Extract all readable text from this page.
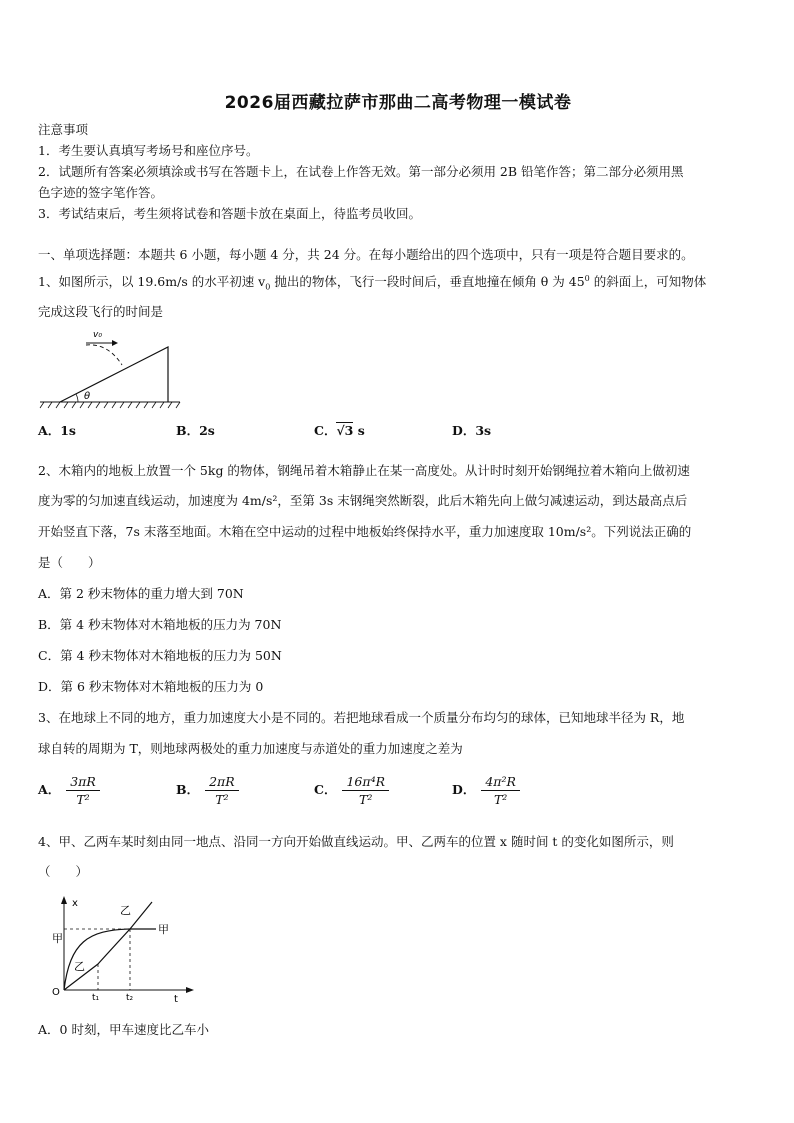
2026届西藏拉萨市那曲二高考物理一模试卷
注意事项
1．考生要认真填写考场号和座位序号。
2．试题所有答案必须填涂或书写在答题卡上，在试卷上作答无效。第一部分必须用 2B 铅笔作答；第二部分必须用黑
色字迹的签字笔作答。
3．考试结束后，考生须将试卷和答题卡放在桌面上，待监考员收回。
一、单项选择题：本题共 6 小题，每小题 4 分，共 24 分。在每小题给出的四个选项中，只有一项是符合题目要求的。
1、如图所示，以 19.6m/s 的水平初速 $v_0$ 抛出的物体，飞行一段时间后，垂直地撞在倾角 θ 为 $45^0$ 的斜面上，可知物体
完成这段飞行的时间是
θ
v₀
A．1s	B．2s	C．√3 s	D．3s
2、木箱内的地板上放置一个 5kg 的物体，钢绳吊着木箱静止在某一高度处。从计时时刻开始钢绳拉着木箱向上做初速
度为零的匀加速直线运动，加速度为 4m/s²，至第 3s 末钢绳突然断裂，此后木箱先向上做匀减速运动，到达最高点后
开始竖直下落，7s 末落至地面。木箱在空中运动的过程中地板始终保持水平，重力加速度取 10m/s²。下列说法正确的
是（　　）
A．第 2 秒末物体的重力增大到 70N
B．第 4 秒末物体对木箱地板的压力为 70N
C．第 4 秒末物体对木箱地板的压力为 50N
D．第 6 秒末物体对木箱地板的压力为 0
3、在地球上不同的地方，重力加速度大小是不同的。若把地球看成一个质量分布均匀的球体，已知地球半径为 R，地
球自转的周期为 T，则地球两极处的重力加速度与赤道处的重力加速度之差为
A． $\frac{3\pi R}{\text{T²}}$	B． $\frac{2\pi R}{\text{T²}}$	C． $\frac{\text{16π⁴R}}{\text{T²}}$	D． $\frac{\text{4π²R}}{\text{T²}}$
4、甲、乙两车某时刻由同一地点、沿同一方向开始做直线运动。甲、乙两车的位置 x 随时间 t 的变化如图所示，则
（　　）
x
t
O	t₁	t₂
甲
甲
乙
乙
A．0 时刻，甲车速度比乙车小
